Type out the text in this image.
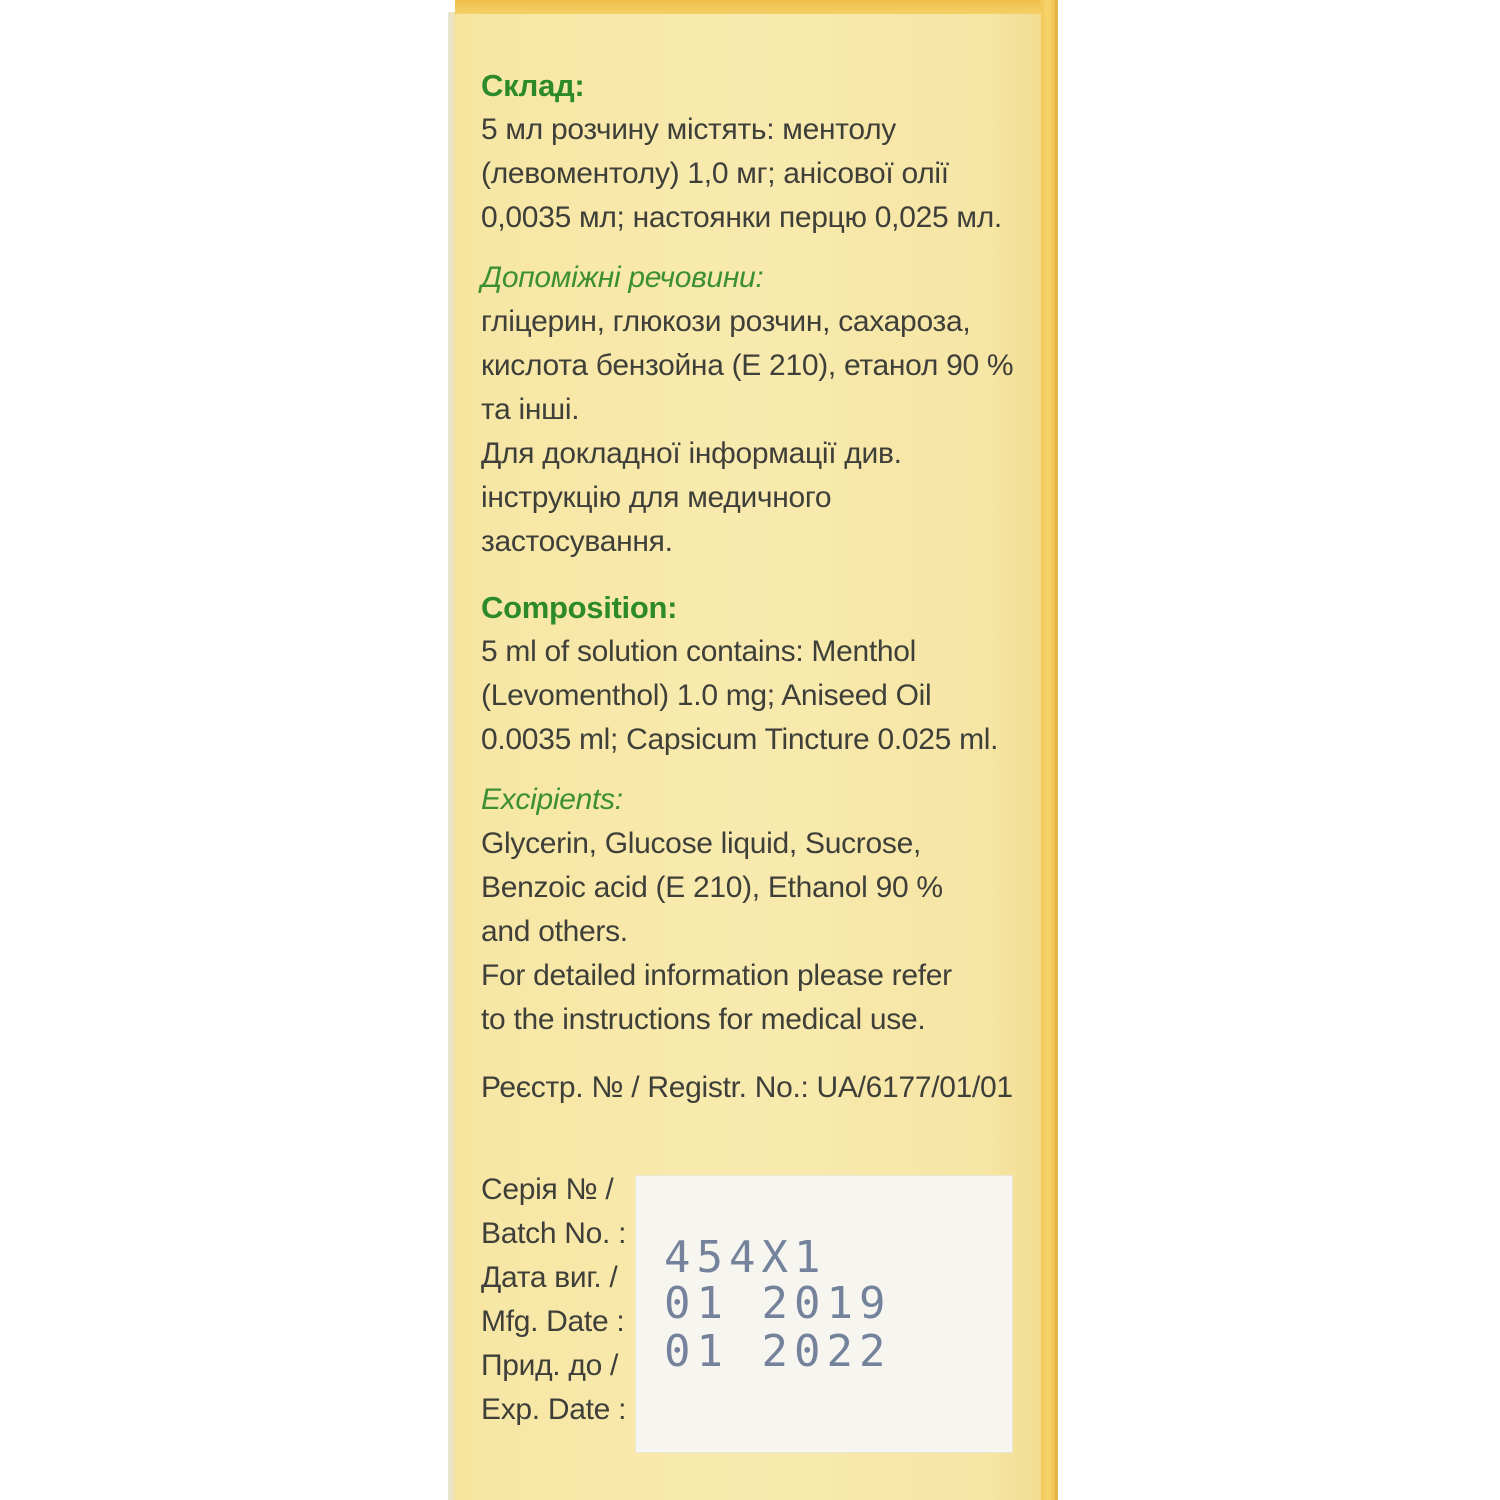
Склад:

5 мл розчину містять: ментолу
(левоментолу) 1,0 мг; анісової олії
0,0035 мл; настоянки перцю 0,025 мл.

Допоміжні речовини:

гліцерин, глюкози розчин, сахароза,
кислота бензойна (Е 210), етанол 90 %
та інші.

Для докладної інформації див.
інструкцію для медичного
застосування.

Composition:

5 ml of solution contains: Menthol
(Levomenthol) 1.0 mg; Aniseed Oil
0.0035 ml; Capsicum Tincture 0.025 ml.

Excipients:

Glycerin, Glucose liquid, Sucrose,
Benzoic acid (E 210), Ethanol 90 %
and others.

For detailed information please refer
to the instructions for medical use.

Реєстр. № / Registr. No.: UA/6177/01/01

Серія № /
Batch No. :
Дата виг. /
Mfg. Date :
Прид. до /
Exp. Date :
454X1
01 2019
01 2022
